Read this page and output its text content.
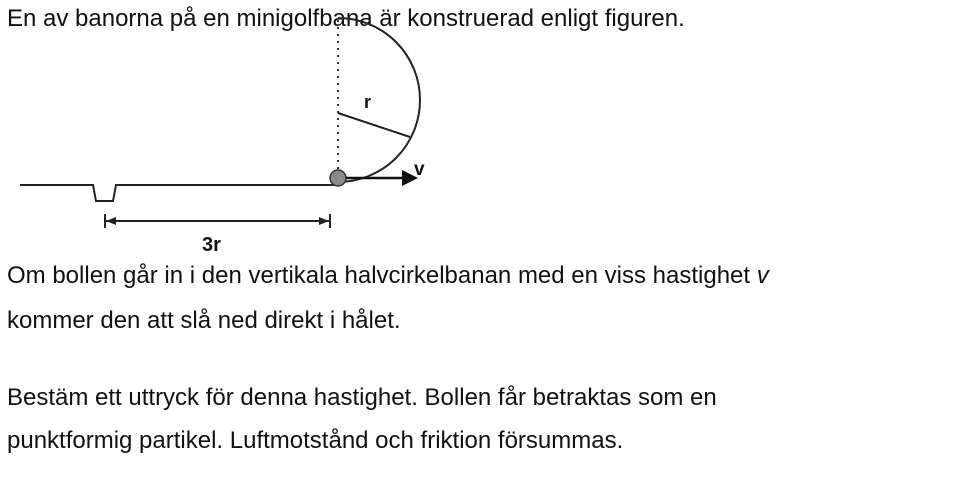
En av banorna på en minigolfbana är konstruerad enligt figuren.

r
v
3r

Om bollen går in i den vertikala halvcirkelbanan med en viss hastighet v

kommer den att slå ned direkt i hålet.

Bestäm ett uttryck för denna hastighet. Bollen får betraktas som en

punktformig partikel. Luftmotstånd och friktion försummas.
